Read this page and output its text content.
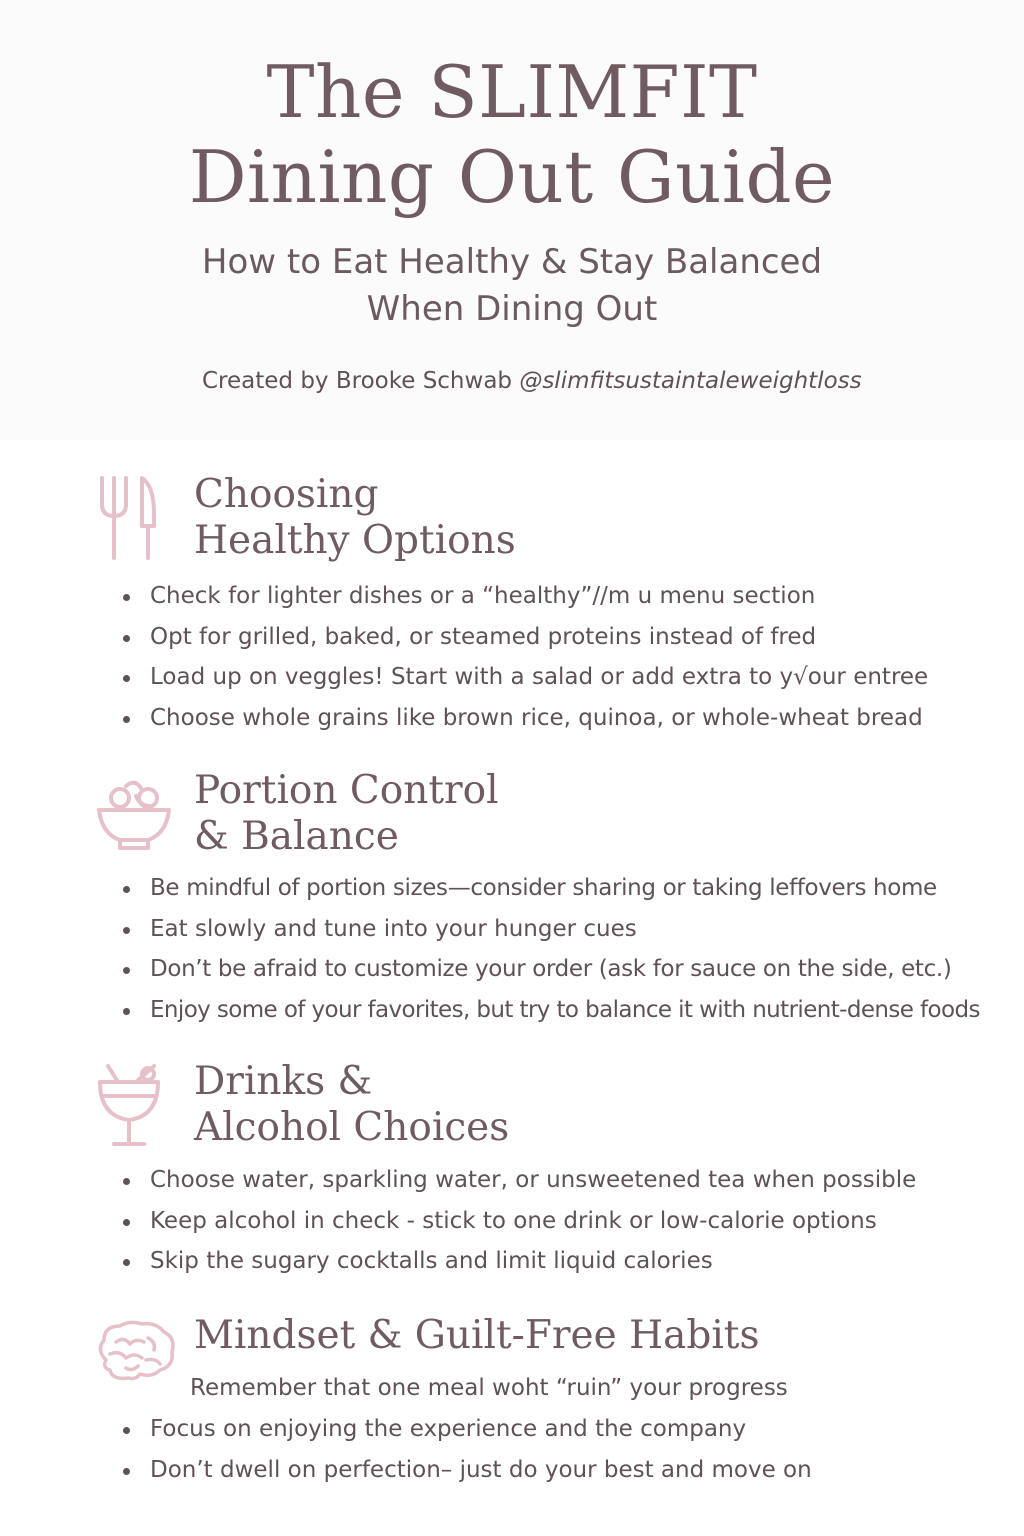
The SLIMFIT
Dining Out Guide
How to Eat Healthy & Stay Balanced
When Dining Out
Created by Brooke Schwab @slimfitsustaintaleweightloss
Choosing
Healthy Options
Check for lighter dishes or a “healthy”//m u menu section
Opt for grilled, baked, or steamed proteins instead of fred
Load up on veggles! Start with a salad or add extra to y√our entree
Choose whole grains like brown rice, quinoa, or whole-wheat bread
Portion Control
& Balance
Be mindful of portion sizes—consider sharing or taking leffovers home
Eat slowly and tune into your hunger cues
Don’t be afraid to customize your order (ask for sauce on the side, etc.)
Enjoy some of your favorites, but try to balance it with nutrient-dense foods
Drinks &
Alcohol Choices
Choose water, sparkling water, or unsweetened tea when possible
Keep alcohol in check - stick to one drink or low-calorie options
Skip the sugary cocktalls and limit liquid calories
Mindset & Guilt-Free Habits
Remember that one meal woht “ruin” your progress
Focus on enjoying the experience and the company
Don’t dwell on perfection– just do your best and move on
